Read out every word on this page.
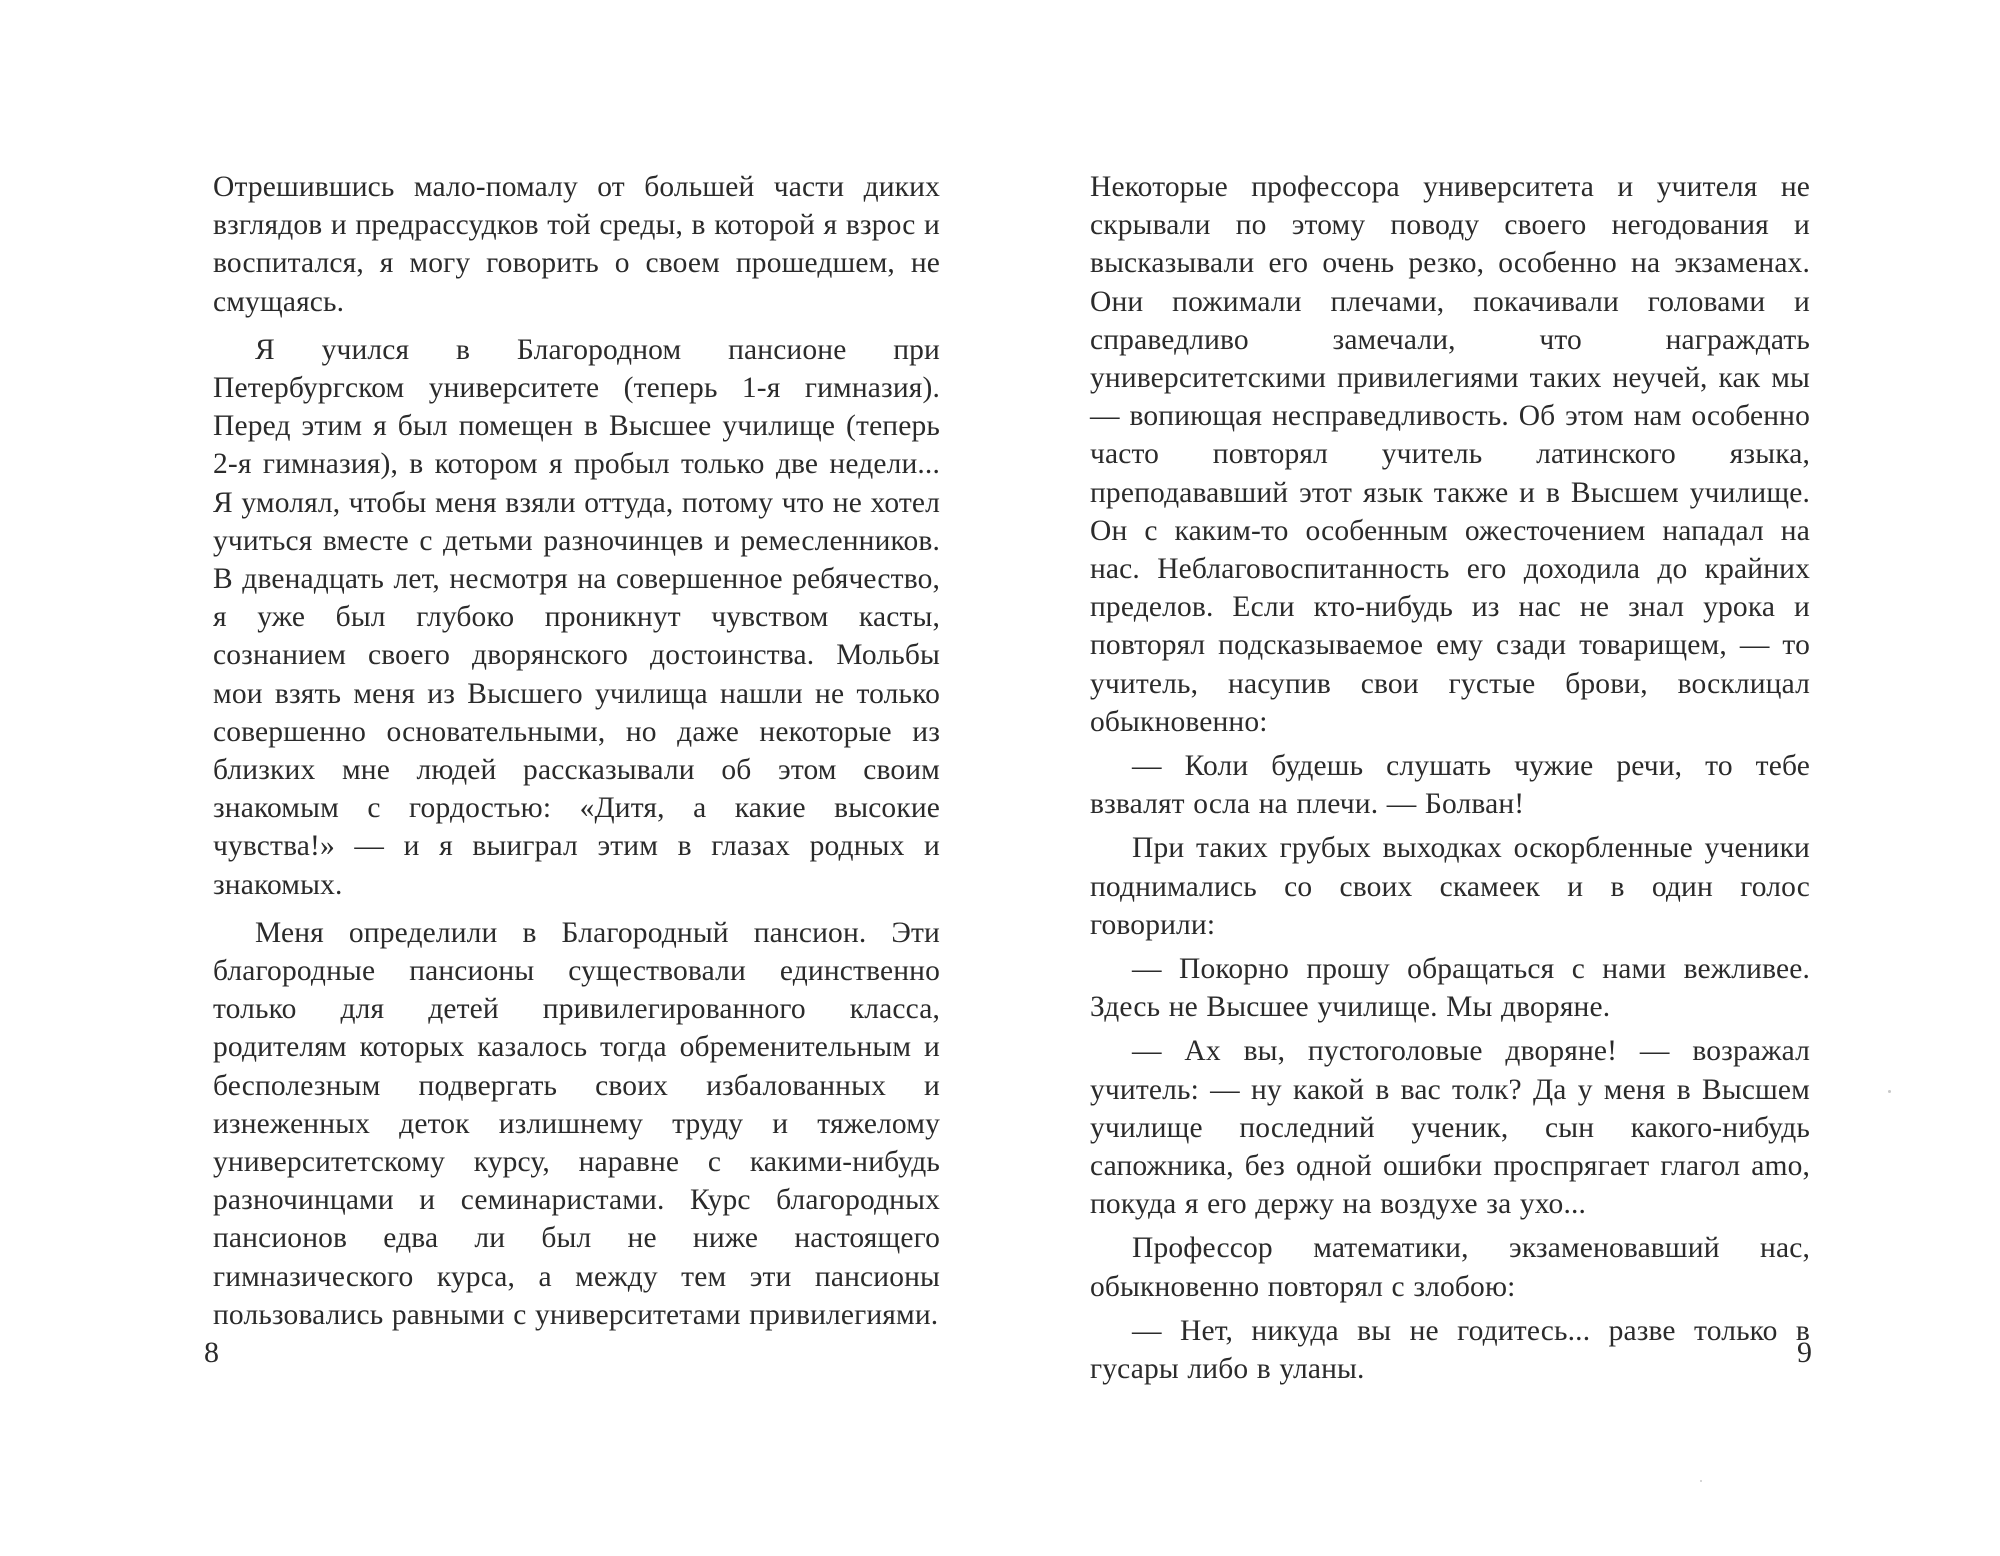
Отрешившись мало-помалу от большей части диких взглядов и предрассудков той среды, в которой я взрос и воспитался, я могу говорить о своем прошедшем, не смущаясь.

Я учился в Благородном пансионе при Петербургском университете (теперь 1-я гимназия). Перед этим я был помещен в Высшее училище (теперь 2-я гимназия), в котором я пробыл только две недели... Я умолял, чтобы меня взяли оттуда, потому что не хотел учиться вместе с детьми разночинцев и ремесленников. В двенадцать лет, несмотря на совершенное ребячество, я уже был глубоко проникнут чувством касты, сознанием своего дворянского достоинства. Мольбы мои взять меня из Высшего училища нашли не только совершенно основательными, но даже некоторые из близких мне людей рассказывали об этом своим знакомым с гордостью: «Дитя, а какие высокие чувства!» — и я выиграл этим в глазах родных и знакомых.

Меня определили в Благородный пансион. Эти благородные пансионы существовали единственно только для детей привилегированного класса, родителям которых казалось тогда обременительным и бесполезным подвергать своих избалованных и изнеженных деток излишнему труду и тяжелому университетскому курсу, наравне с какими-нибудь разночинцами и семинаристами. Курс благородных пансионов едва ли был не ниже настоящего гимназического курса, а между тем эти пансионы пользовались равными с университетами привилегиями.

8

Некоторые профессора университета и учителя не скрывали по этому поводу своего негодования и высказывали его очень резко, особенно на экзаменах. Они пожимали плечами, покачивали головами и справедливо замечали, что награждать университетскими привилегиями таких неучей, как мы — вопиющая несправедливость. Об этом нам особенно часто повторял учитель латинского языка, преподававший этот язык также и в Высшем училище. Он с каким-то особенным ожесточением нападал на нас. Неблаговоспитанность его доходила до крайних пределов. Если кто-нибудь из нас не знал урока и повторял подсказываемое ему сзади товарищем, — то учитель, насупив свои густые брови, восклицал обыкновенно:

— Коли будешь слушать чужие речи, то тебе взвалят осла на плечи. — Болван!

При таких грубых выходках оскорбленные ученики поднимались со своих скамеек и в один голос говорили:

— Покорно прошу обращаться с нами вежливее. Здесь не Высшее училище. Мы дворяне.

— Ах вы, пустоголовые дворяне! — возражал учитель: — ну какой в вас толк? Да у меня в Высшем училище последний ученик, сын какого-нибудь сапожника, без одной ошибки проспрягает глагол amo, покуда я его держу на воздухе за ухо...

Профессор математики, экзаменовавший нас, обыкновенно повторял с злобою:

— Нет, никуда вы не годитесь... разве только в гусары либо в уланы.

9
